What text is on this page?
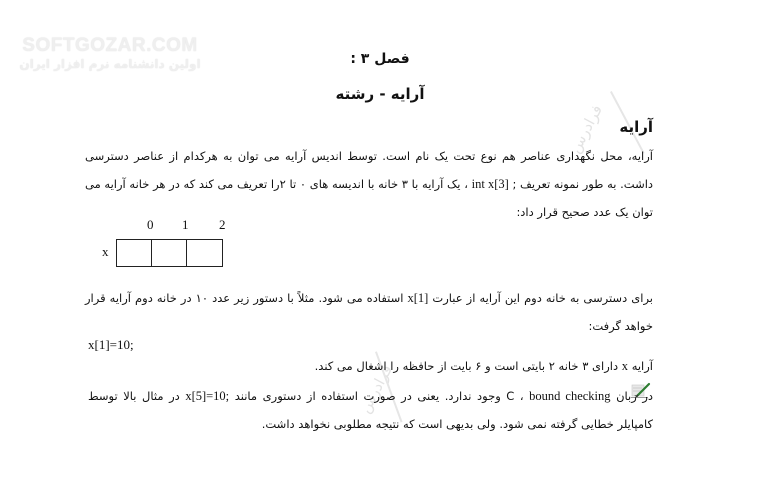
SOFTGOZAR.COM
اولین دانشنامه نرم افزار ایران
فرادرس
فرادرس
فصل ۳ :
آرایه - رشته
آرایه
آرایه، محل نگهداری عناصر هم نوع تحت یک نام است. توسط اندیس آرایه می توان به هرکدام از عناصر دسترسی داشت. به طور نمونه تعریف ; int x[3] ، یک آرایه با ۳ خانه با اندیسه های ۰ تا ۲را تعریف می کند که در هر خانه آرایه می توان یک عدد صحیح قرار داد:
0 1 2
x
برای دسترسی به خانه دوم این آرایه از عبارت x[1] استفاده می شود. مثلاً با دستور زیر عدد ۱۰ در خانه دوم آرایه قرار خواهد گرفت:
x[1]=10;
آرایه x دارای ۳ خانه ۲ بایتی است و ۶ بایت از حافظه را اشغال می کند.
در زبان C ، bound checking وجود ندارد. یعنی در صورت استفاده از دستوری مانند x[5]=10; در مثال بالا توسط کامپایلر خطایی گرفته نمی شود. ولی بدیهی است که نتیجه مطلوبی نخواهد داشت.
